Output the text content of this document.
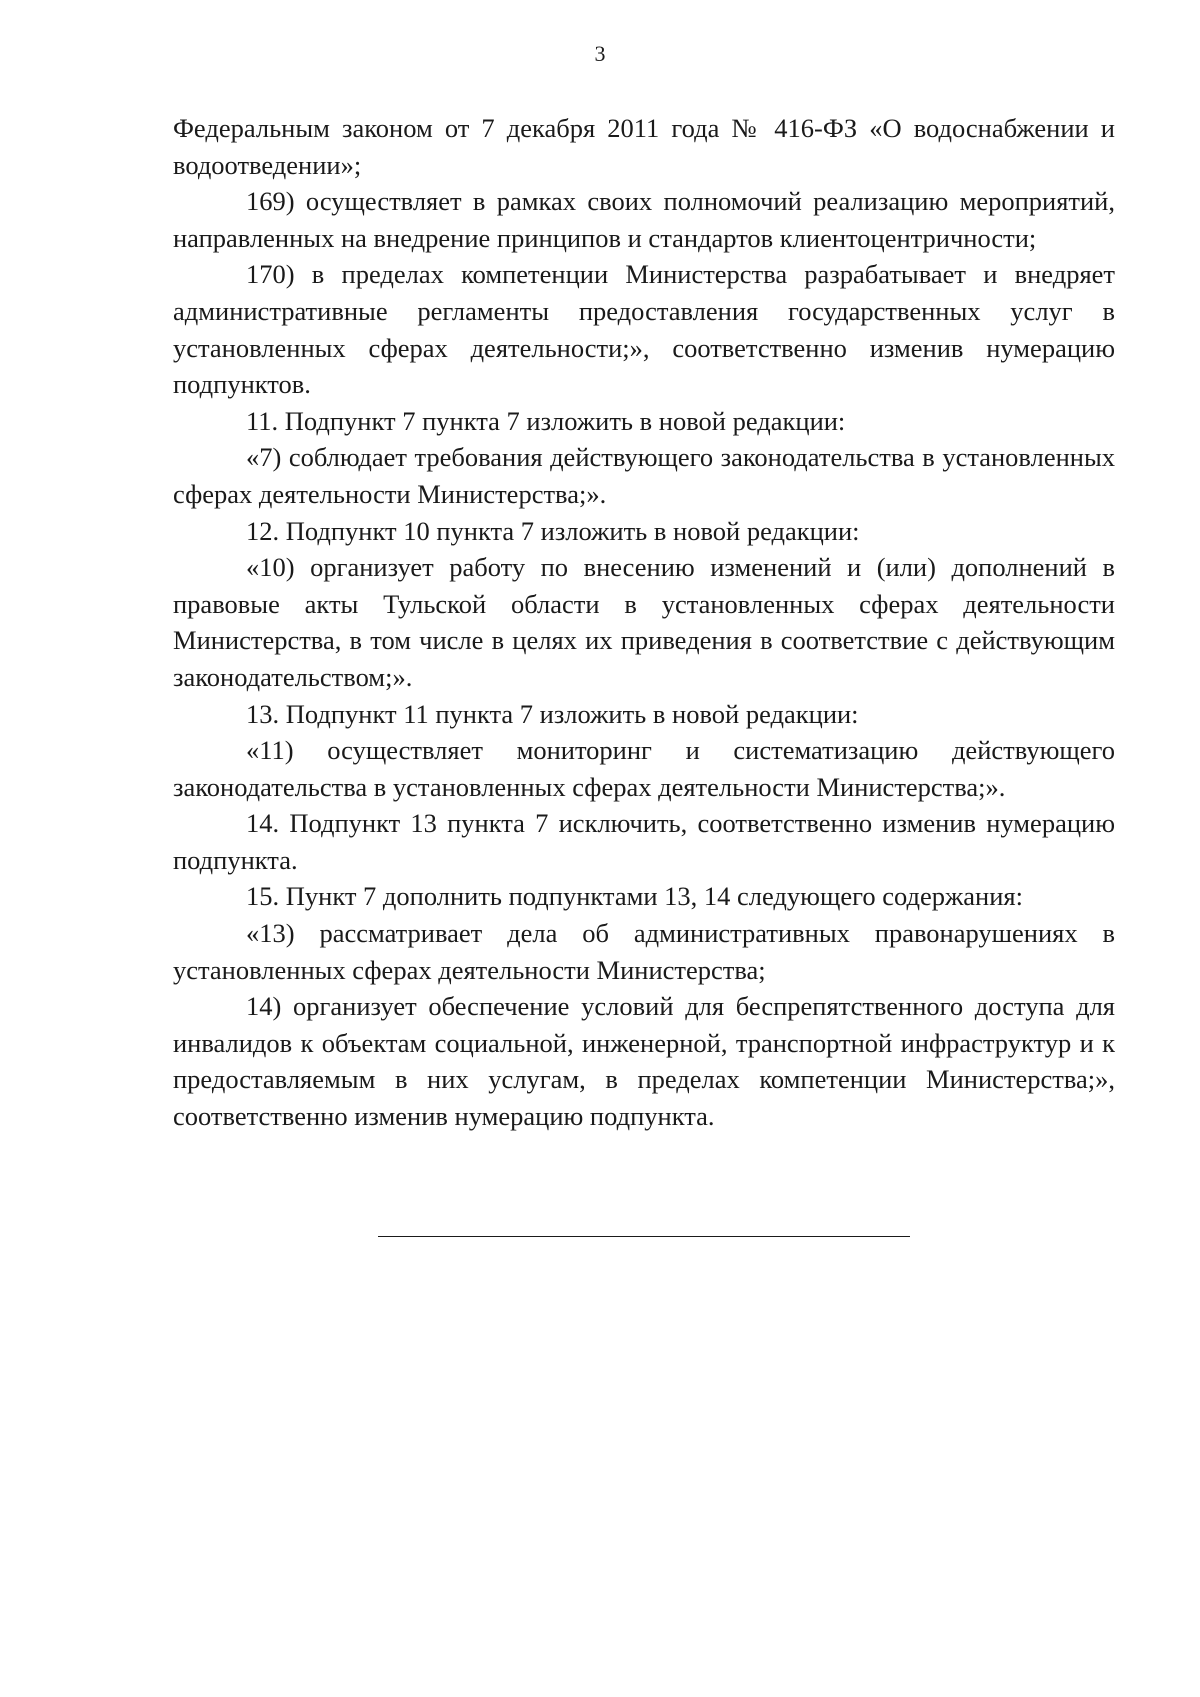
3

Федеральным законом от 7 декабря 2011 года № 416-ФЗ «О водоснабжении и водоотведении»;

169) осуществляет в рамках своих полномочий реализацию мероприятий, направленных на внедрение принципов и стандартов клиентоцентричности;

170) в пределах компетенции Министерства разрабатывает и внедряет административные регламенты предоставления государственных услуг в установленных сферах деятельности;», соответственно изменив нумерацию подпунктов.

11. Подпункт 7 пункта 7 изложить в новой редакции:

«7) соблюдает требования действующего законодательства в установленных сферах деятельности Министерства;».

12. Подпункт 10 пункта 7 изложить в новой редакции:

«10) организует работу по внесению изменений и (или) дополнений в правовые акты Тульской области в установленных сферах деятельности Министерства, в том числе в целях их приведения в соответствие с действующим законодательством;».

13. Подпункт 11 пункта 7 изложить в новой редакции:

«11) осуществляет мониторинг и систематизацию действующего законодательства в установленных сферах деятельности Министерства;».

14. Подпункт 13 пункта 7 исключить, соответственно изменив нумерацию подпункта.

15. Пункт 7 дополнить подпунктами 13, 14 следующего содержания:

«13) рассматривает дела об административных правонарушениях в установленных сферах деятельности Министерства;

14) организует обеспечение условий для беспрепятственного доступа для инвалидов к объектам социальной, инженерной, транспортной инфраструктур и к предоставляемым в них услугам, в пределах компетенции Министерства;», соответственно изменив нумерацию подпункта.
